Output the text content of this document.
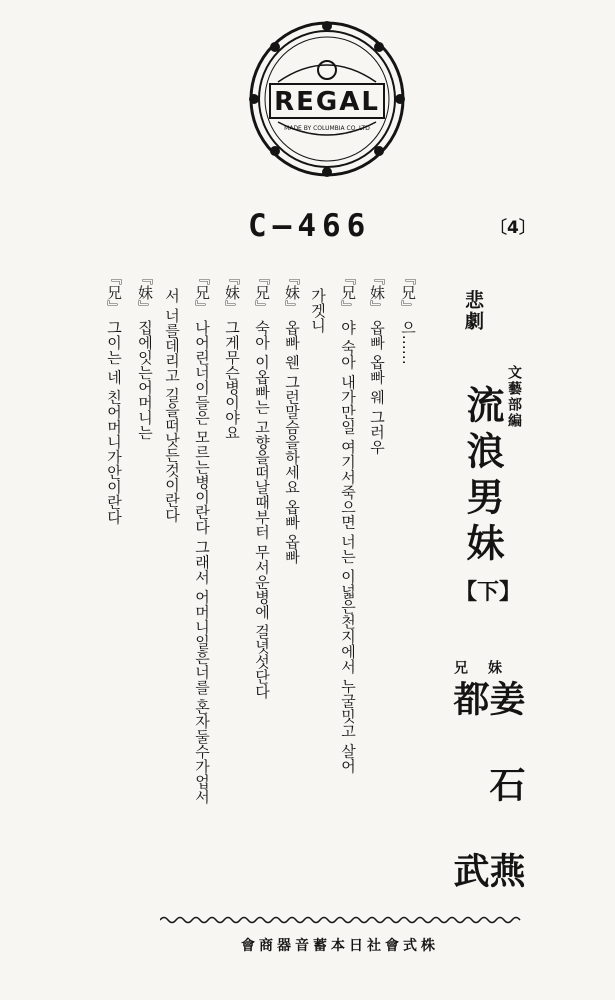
REGAL
MADE BY COLUMBIA CO. LTD
C—466	〔4〕
悲劇
流浪男妹 文藝部編
【下】
妹
姜石燕
兄
都　武
『兄』 으……
『妹』 옵빠 옵빠 웨 그러우
『兄』 야 숙아 내가만일 여기서죽으면 너는 이넓은천지에서 누굴밋고 살어
가겟니
『妹』 옵빠 웬 그런말슴을하세요 옵빠 옵빠
『兄』 숙아 이옵빠는 고향을떠날때부터 무서운병에 걸녓섯단다
『妹』 그게무슨병이야요
『兄』 나어린너이들은 모르는병이란다 그래서 어머니일흔너를 혼자둘수가업서
서 너를데리고 길을떠낫든것이란다
『妹』 집에잇는어머니는
『兄』 그이는 네 친어머니가안이란다
株式會社日本蓄音器商會
